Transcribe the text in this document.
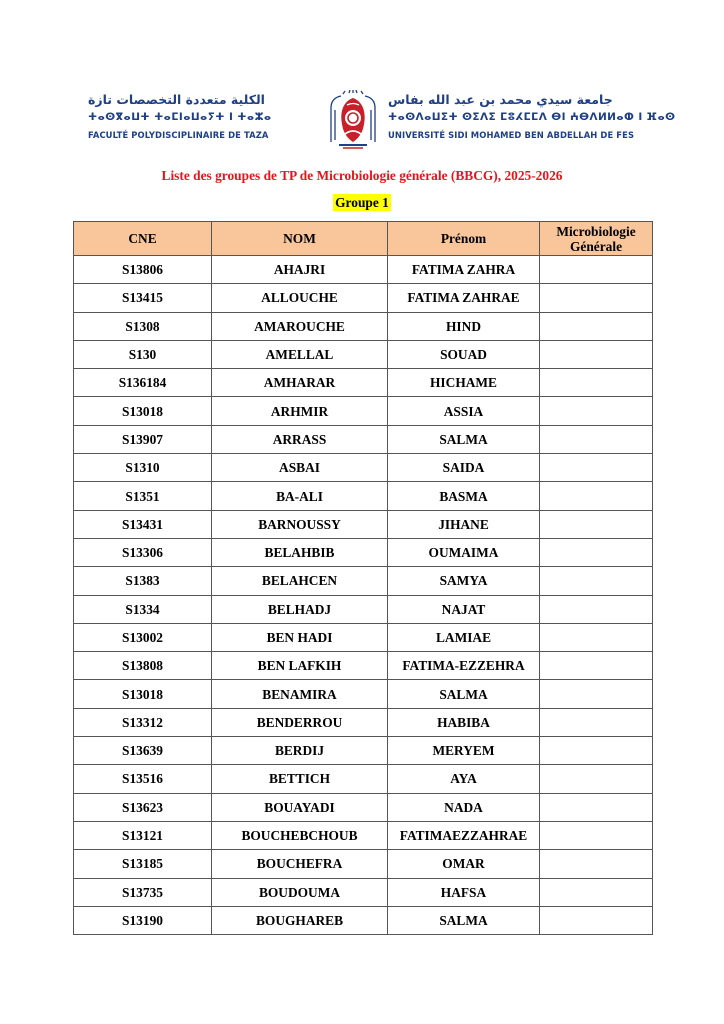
الكلية متعددة التخصصات تازة
ⵜⴰⵙⴳⴰⵡⵜ ⵜⴰⵎⵏⴰⵡⴰⵢⵜ ⵏ ⵜⴰⵣⴰ
FACULTÉ POLYDISCIPLINAIRE DE TAZA
جامعة سيدي محمد بن عبد الله بفاس
ⵜⴰⵙⴷⴰⵡⵉⵜ ⵙⵉⴷⵉ ⵎⵓⵃⵎⵎⴷ ⴱⵏ ⵄⴱⴷⵍⵍⴰⵀ ⵏ ⴼⴰⵙ
UNIVERSITÉ SIDI MOHAMED BEN ABDELLAH DE FES
Liste des groupes de TP de Microbiologie générale (BBCG), 2025-2026
Groupe 1
CNE	NOM	Prénom	Microbiologie
Générale
S13806	AHAJRI	FATIMA ZAHRA	
S13415	ALLOUCHE	FATIMA ZAHRAE	
S1308	AMAROUCHE	HIND	
S130	AMELLAL	SOUAD	
S136184	AMHARAR	HICHAME	
S13018	ARHMIR	ASSIA	
S13907	ARRASS	SALMA	
S1310	ASBAI	SAIDA	
S1351	BA-ALI	BASMA	
S13431	BARNOUSSY	JIHANE	
S13306	BELAHBIB	OUMAIMA	
S1383	BELAHCEN	SAMYA	
S1334	BELHADJ	NAJAT	
S13002	BEN HADI	LAMIAE	
S13808	BEN LAFKIH	FATIMA-EZZEHRA	
S13018	BENAMIRA	SALMA	
S13312	BENDERROU	HABIBA	
S13639	BERDIJ	MERYEM	
S13516	BETTICH	AYA	
S13623	BOUAYADI	NADA	
S13121	BOUCHEBCHOUB	FATIMAEZZAHRAE	
S13185	BOUCHEFRA	OMAR	
S13735	BOUDOUMA	HAFSA	
S13190	BOUGHAREB	SALMA	
